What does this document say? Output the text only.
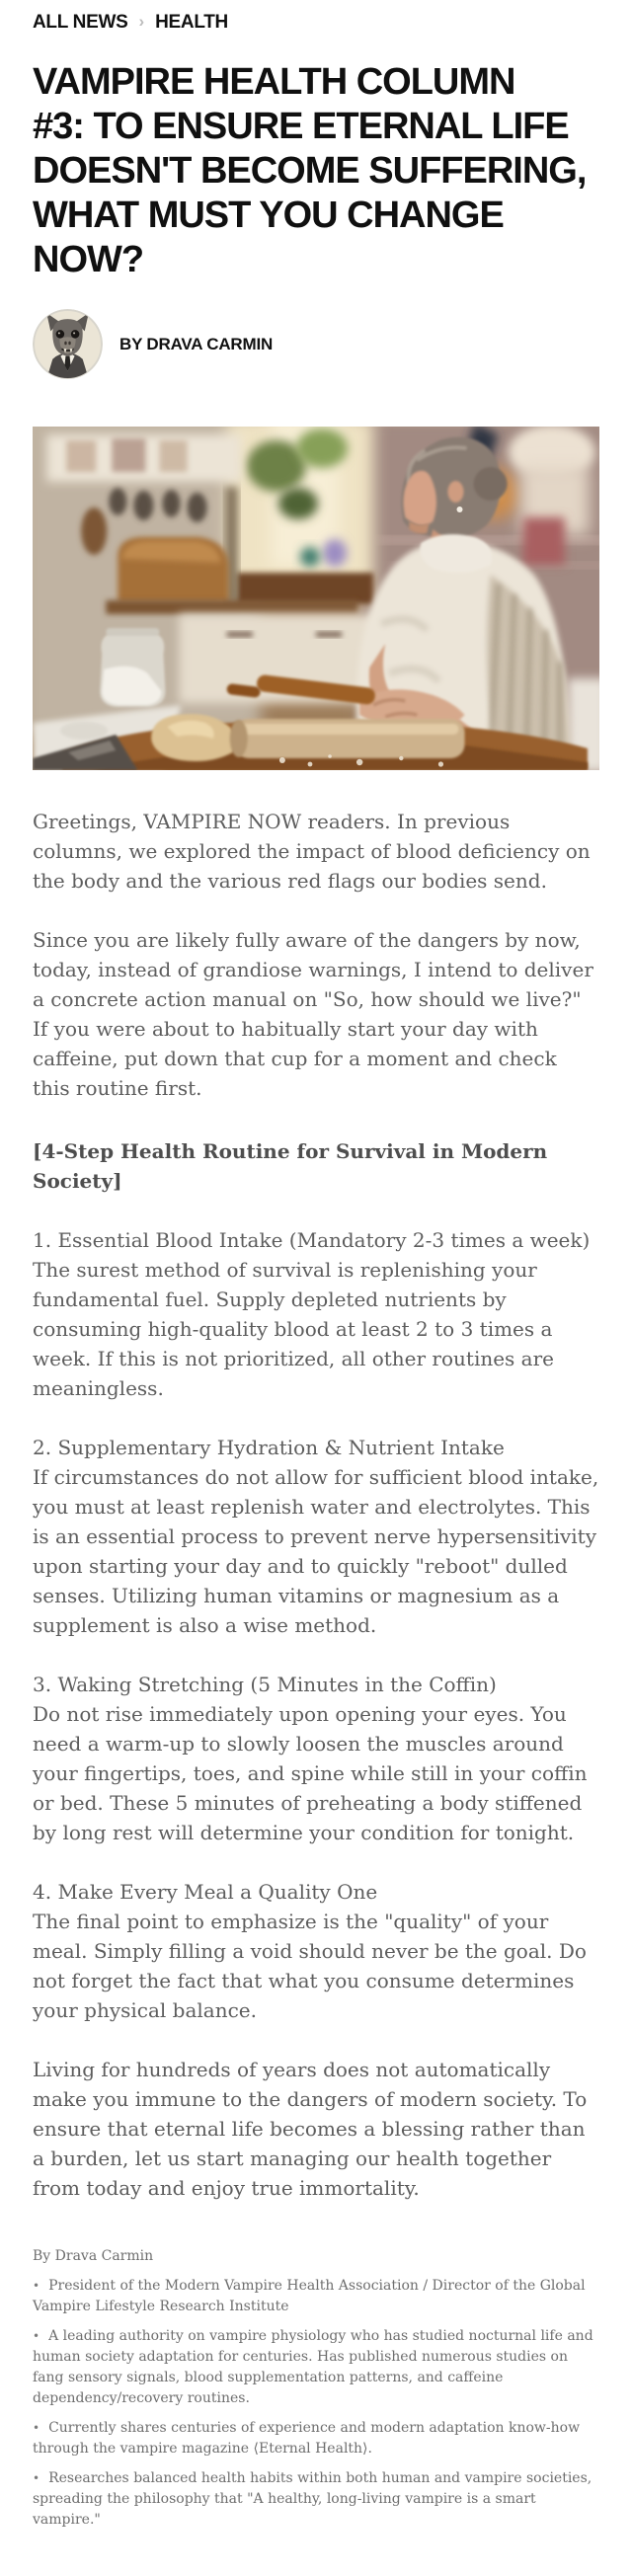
ALL NEWS › HEALTH
VAMPIRE HEALTH COLUMN
#3: TO ENSURE ETERNAL LIFE
DOESN'T BECOME SUFFERING,
WHAT MUST YOU CHANGE NOW?
BY DRAVA CARMIN

Greetings, VAMPIRE NOW readers. In previous columns, we explored the impact of blood deficiency on the body and the various red flags our bodies send.

Since you are likely fully aware of the dangers by now, today, instead of grandiose warnings, I intend to deliver a concrete action manual on "So, how should we live?" If you were about to habitually start your day with caffeine, put down that cup for a moment and check this routine first.

[4-Step Health Routine for Survival in Modern Society]

1. Essential Blood Intake (Mandatory 2-3 times a week)
The surest method of survival is replenishing your fundamental fuel. Supply depleted nutrients by consuming high-quality blood at least 2 to 3 times a week. If this is not prioritized, all other routines are meaningless.

2. Supplementary Hydration & Nutrient Intake
If circumstances do not allow for sufficient blood intake, you must at least replenish water and electrolytes. This is an essential process to prevent nerve hypersensitivity upon starting your day and to quickly "reboot" dulled senses. Utilizing human vitamins or magnesium as a supplement is also a wise method.

3. Waking Stretching (5 Minutes in the Coffin)
Do not rise immediately upon opening your eyes. You need a warm-up to slowly loosen the muscles around your fingertips, toes, and spine while still in your coffin or bed. These 5 minutes of preheating a body stiffened by long rest will determine your condition for tonight.

4. Make Every Meal a Quality One
The final point to emphasize is the "quality" of your meal. Simply filling a void should never be the goal. Do not forget the fact that what you consume determines your physical balance.

Living for hundreds of years does not automatically make you immune to the dangers of modern society. To ensure that eternal life becomes a blessing rather than a burden, let us start managing our health together from today and enjoy true immortality.

By Drava Carmin

• President of the Modern Vampire Health Association / Director of the Global Vampire Lifestyle Research Institute
• A leading authority on vampire physiology who has studied nocturnal life and human society adaptation for centuries. Has published numerous studies on fang sensory signals, blood supplementation patterns, and caffeine dependency/recovery routines.
• Currently shares centuries of experience and modern adaptation know-how through the vampire magazine ⟨Eternal Health⟩.
• Researches balanced health habits within both human and vampire societies, spreading the philosophy that "A healthy, long-living vampire is a smart vampire."
